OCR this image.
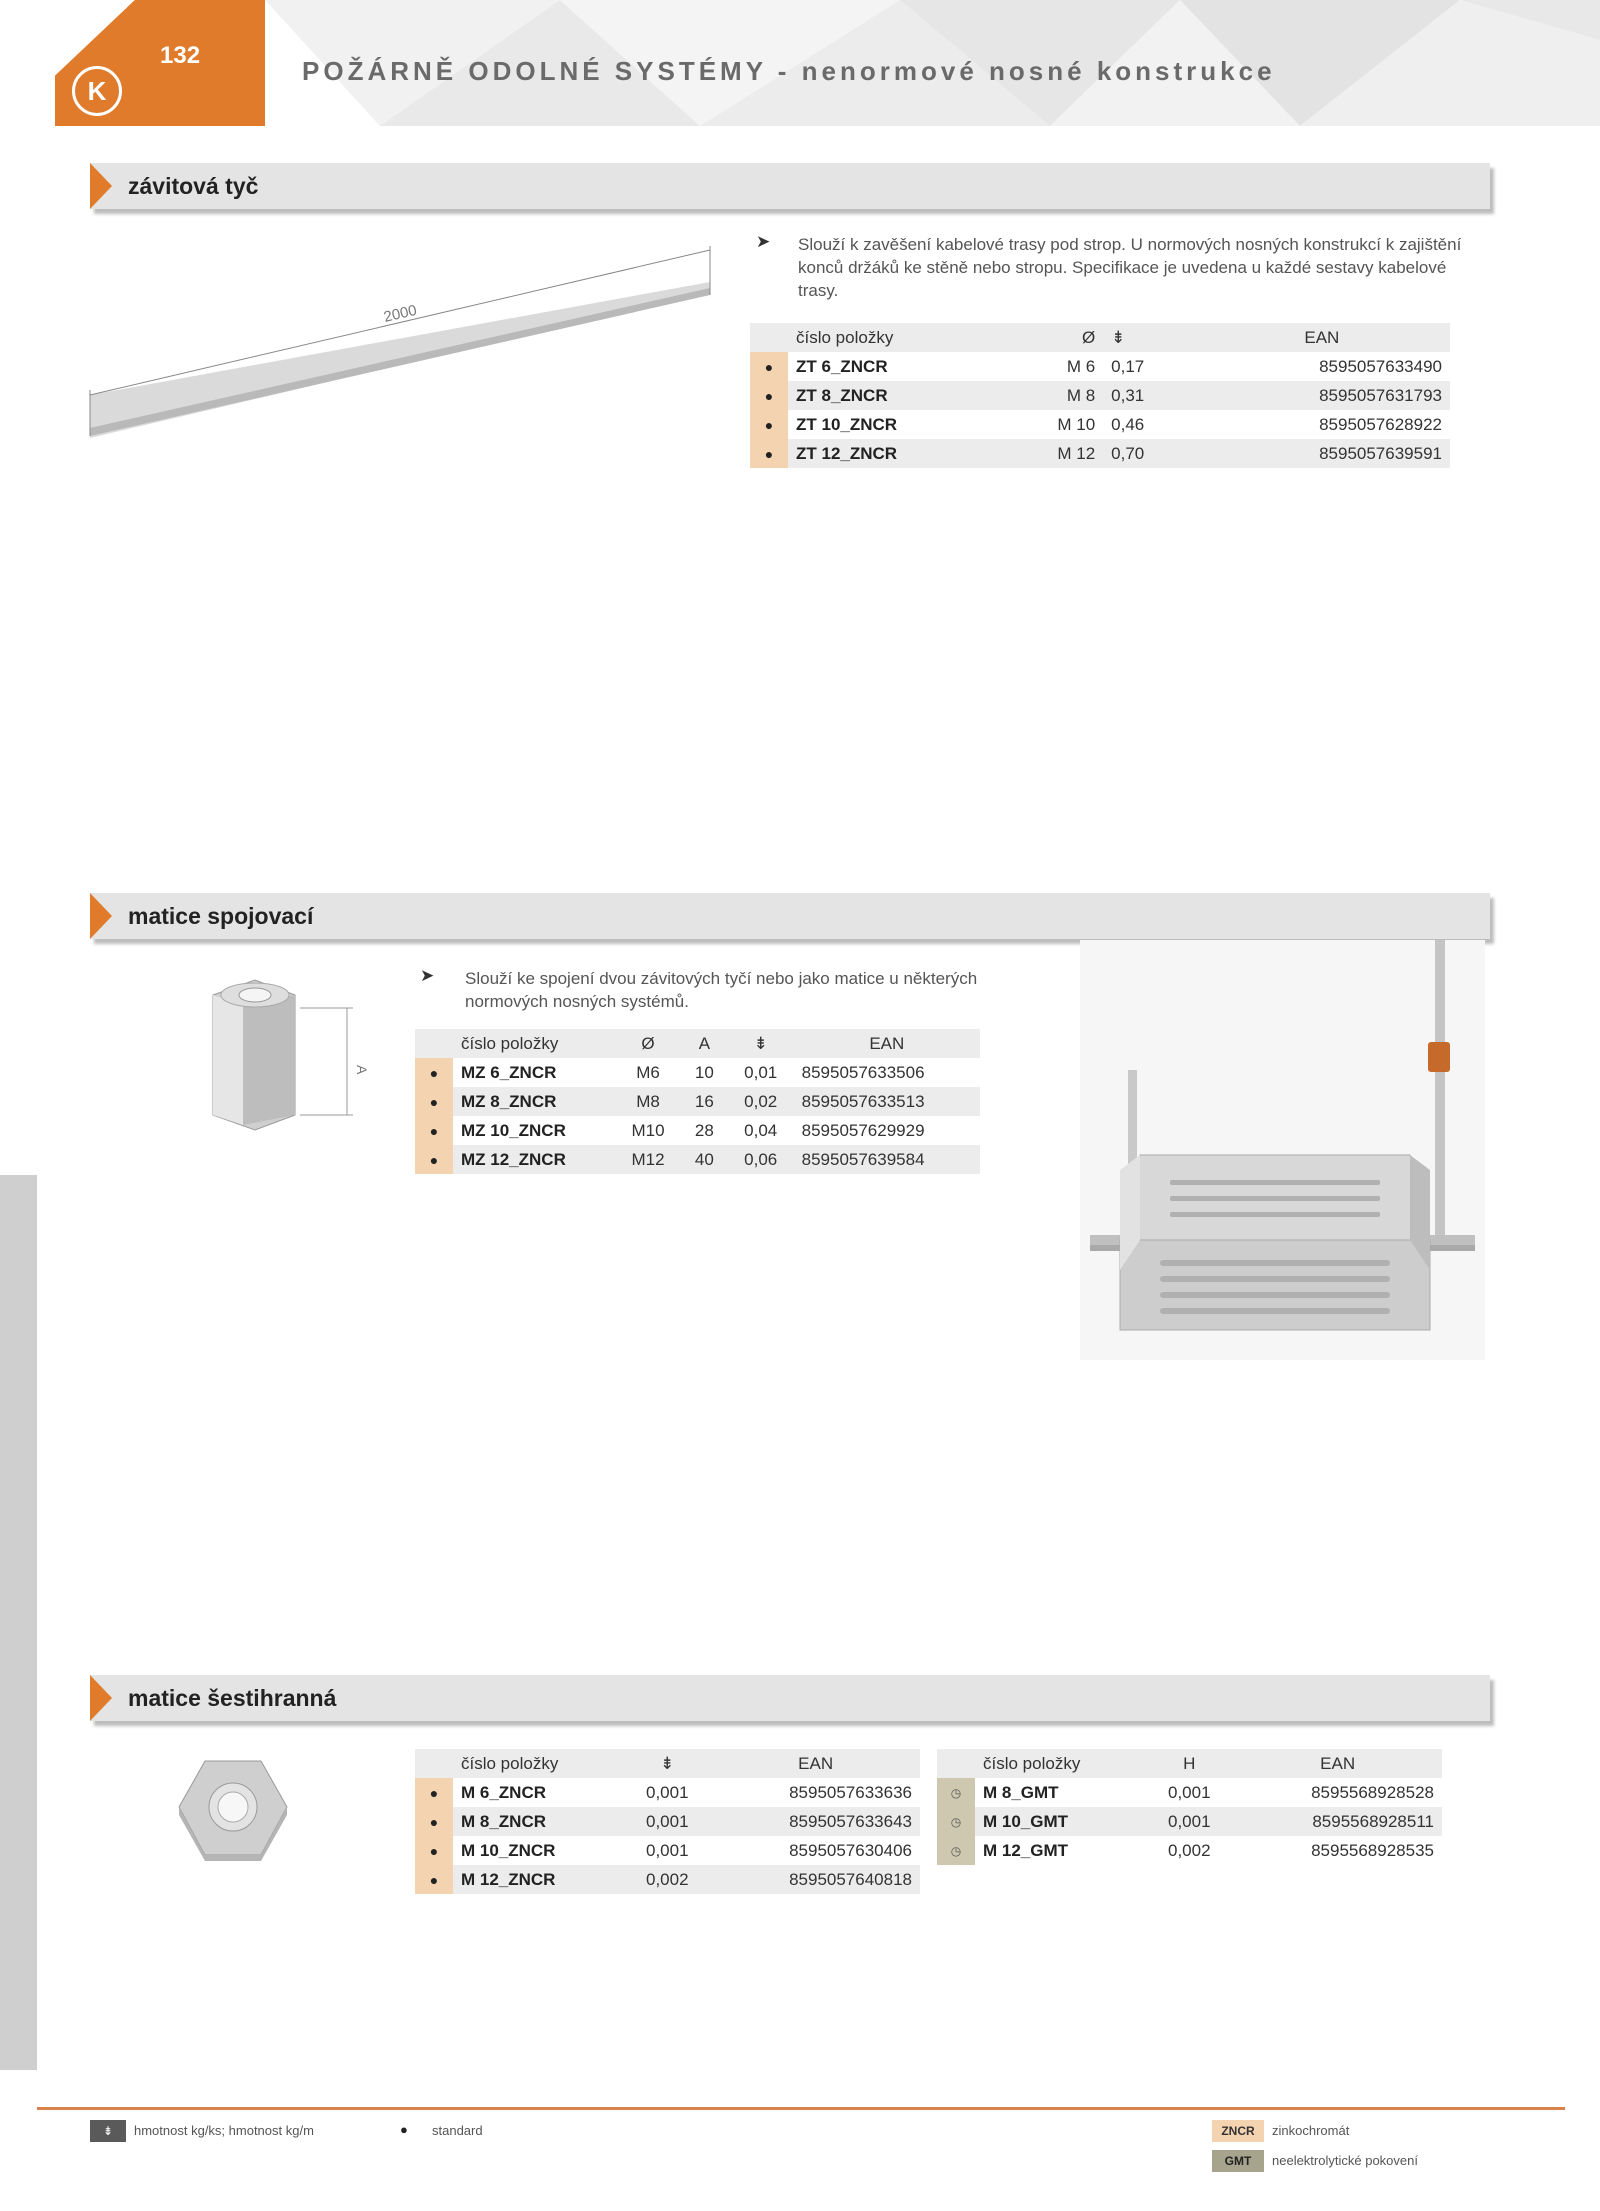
132
K
POŽÁRNĚ ODOLNÉ SYSTÉMY - nenormové nosné konstrukce
závitová tyč
2000
➤ Slouží k zavěšení kabelové trasy pod strop. U normových nosných konstrukcí k zajištění konců držáků ke stěně nebo stropu. Specifikace je uvedena u každé sestavy kabelové trasy.
	číslo položky	Ø	⇟	EAN
●	ZT 6_ZNCR	M 6	0,17	8595057633490
●	ZT 8_ZNCR	M 8	0,31	8595057631793
●	ZT 10_ZNCR	M 10	0,46	8595057628922
●	ZT 12_ZNCR	M 12	0,70	8595057639591
matice spojovací
A
➤ Slouží ke spojení dvou závitových tyčí nebo jako matice u některých normových nosných systémů.
	číslo položky	Ø	A	⇟	EAN
●	MZ 6_ZNCR	M6	10	0,01	8595057633506
●	MZ 8_ZNCR	M8	16	0,02	8595057633513
●	MZ 10_ZNCR	M10	28	0,04	8595057629929
●	MZ 12_ZNCR	M12	40	0,06	8595057639584
matice šestihranná
	číslo položky	⇟	EAN
●	M 6_ZNCR	0,001	8595057633636
●	M 8_ZNCR	0,001	8595057633643
●	M 10_ZNCR	0,001	8595057630406
●	M 12_ZNCR	0,002	8595057640818
	číslo položky	H	EAN
◷	M 8_GMT	0,001	8595568928528
◷	M 10_GMT	0,001	8595568928511
◷	M 12_GMT	0,002	8595568928535
⇟	hmotnost kg/ks; hmotnost kg/m	● standard	ZNCR	zinkochromát
GMT	neelektrolytické pokovení
